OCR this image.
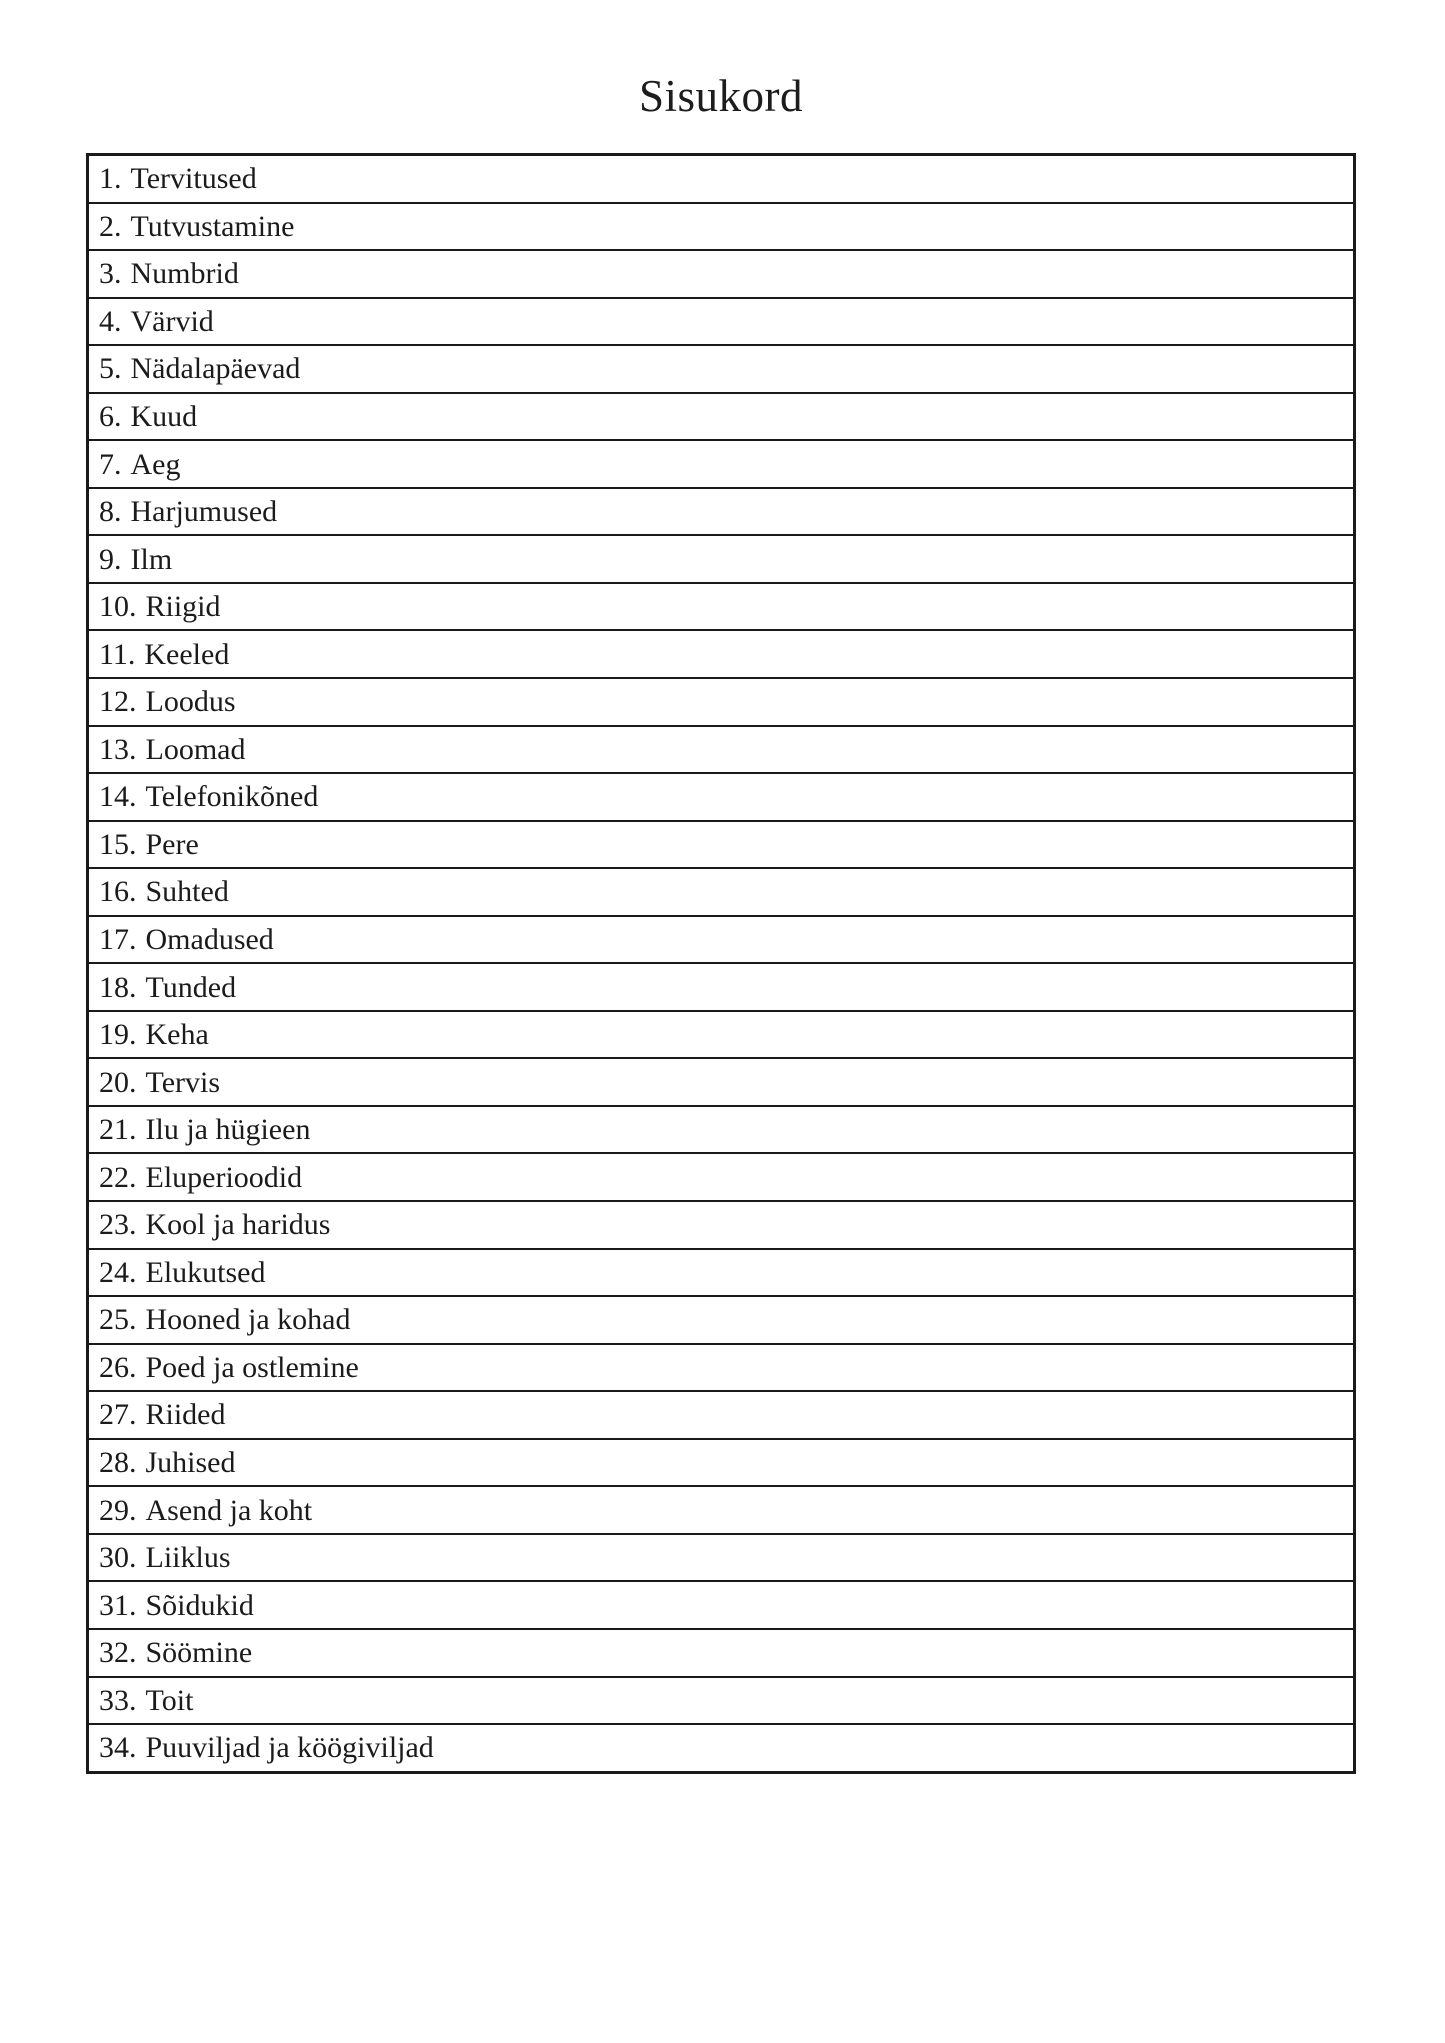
Sisukord
1. Tervitused
2. Tutvustamine
3. Numbrid
4. Värvid
5. Nädalapäevad
6. Kuud
7. Aeg
8. Harjumused
9. Ilm
10. Riigid
11. Keeled
12. Loodus
13. Loomad
14. Telefonikõned
15. Pere
16. Suhted
17. Omadused
18. Tunded
19. Keha
20. Tervis
21. Ilu ja hügieen
22. Eluperioodid
23. Kool ja haridus
24. Elukutsed
25. Hooned ja kohad
26. Poed ja ostlemine
27. Riided
28. Juhised
29. Asend ja koht
30. Liiklus
31. Sõidukid
32. Söömine
33. Toit
34. Puuviljad ja köögiviljad
